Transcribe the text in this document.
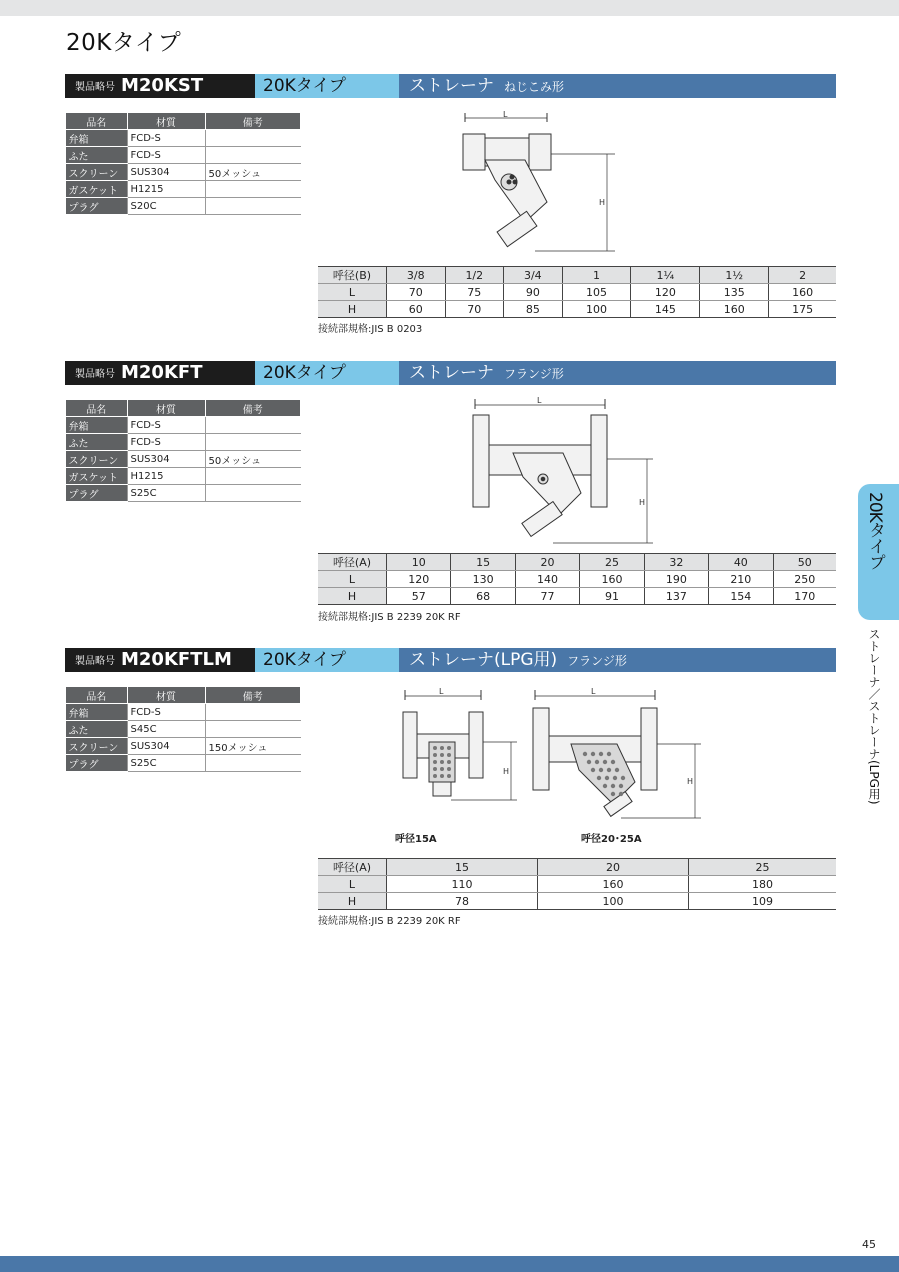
20Kタイプ
製品略号 M20KST	20Kタイプ	ストレーナ ねじこみ形
品名	材質	備考
弁箱	FCD-S	
ふた	FCD-S	
スクリーン	SUS304	50メッシュ
ガスケット	H1215	
プラグ	S20C	
L
H
呼径(B)	3/8	1/2	3/4	1	1¼	1½	2
L	70	75	90	105	120	135	160
H	60	70	85	100	145	160	175
接続部規格:JIS B 0203
製品略号 M20KFT	20Kタイプ	ストレーナ フランジ形
品名	材質	備考
弁箱	FCD-S	
ふた	FCD-S	
スクリーン	SUS304	50メッシュ
ガスケット	H1215	
プラグ	S25C	
L
H
呼径(A)	10	15	20	25	32	40	50
L	120	130	140	160	190	210	250
H	57	68	77	91	137	154	170
接続部規格:JIS B 2239 20K RF
製品略号 M20KFTLM	20Kタイプ	ストレーナ(LPG用) フランジ形
品名	材質	備考
弁箱	FCD-S	
ふた	S45C	
スクリーン	SUS304	150メッシュ
プラグ	S25C	
L
H
L
H
呼径15A	呼径20･25A
呼径(A)	15	20	25
L	110	160	180
H	78	100	109
接続部規格:JIS B 2239 20K RF
20Kタイプ
ストレーナ／ストレーナ(LPG用)
45
